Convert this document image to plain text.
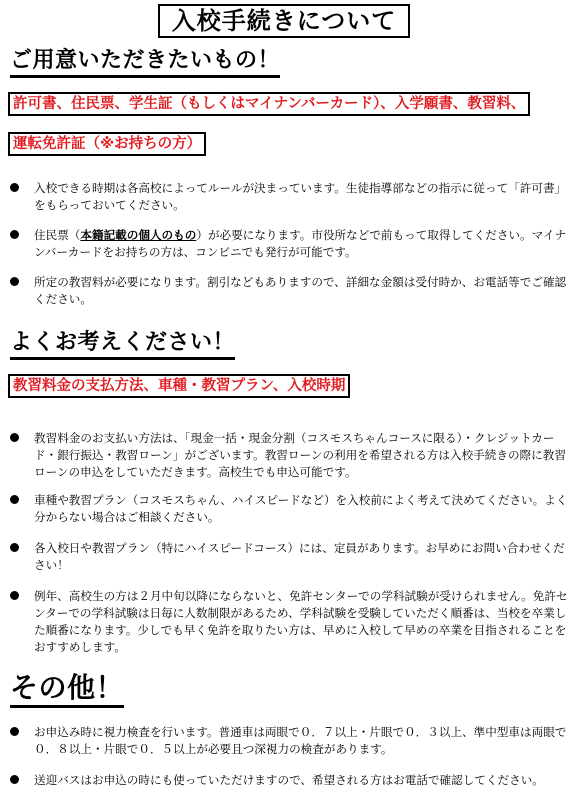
入校手続きについて
ご用意いただきたいもの！
許可書、住民票、学生証（もしくはマイナンバーカード）、入学願書、教習料、
運転免許証（※お持ちの方）
入校できる時期は各高校によってルールが決まっています。生徒指導部などの指示に従って「許可書」をもらっておいてください。
住民票（本籍記載の個人のもの）が必要になります。市役所などで前もって取得してください。マイナンバーカードをお持ちの方は、コンビニでも発行が可能です。
所定の教習料が必要になります。割引などもありますので、詳細な金額は受付時か、お電話等でご確認ください。
よくお考えください！
教習料金の支払方法、車種・教習プラン、入校時期
教習料金のお支払い方法は、「現金一括・現金分割（コスモスちゃんコースに限る）・クレジットカード・銀行振込・教習ローン」がございます。教習ローンの利用を希望される方は入校手続きの際に教習ローンの申込をしていただきます。高校生でも申込可能です。
車種や教習プラン（コスモスちゃん、ハイスピードなど）を入校前によく考えて決めてください。よく分からない場合はご相談ください。
各入校日や教習プラン（特にハイスピードコース）には、定員があります。お早めにお問い合わせください！
例年、高校生の方は２月中旬以降にならないと、免許センターでの学科試験が受けられません。免許センターでの学科試験は日毎に人数制限があるため、学科試験を受験していただく順番は、当校を卒業した順番になります。少しでも早く免許を取りたい方は、早めに入校して早めの卒業を目指されることをおすすめします。
その他！
お申込み時に視力検査を行います。普通車は両眼で０．７以上・片眼で０．３以上、準中型車は両眼で０．８以上・片眼で０．５以上が必要且つ深視力の検査があります。
送迎バスはお申込の時にも使っていただけますので、希望される方はお電話で確認してください。
